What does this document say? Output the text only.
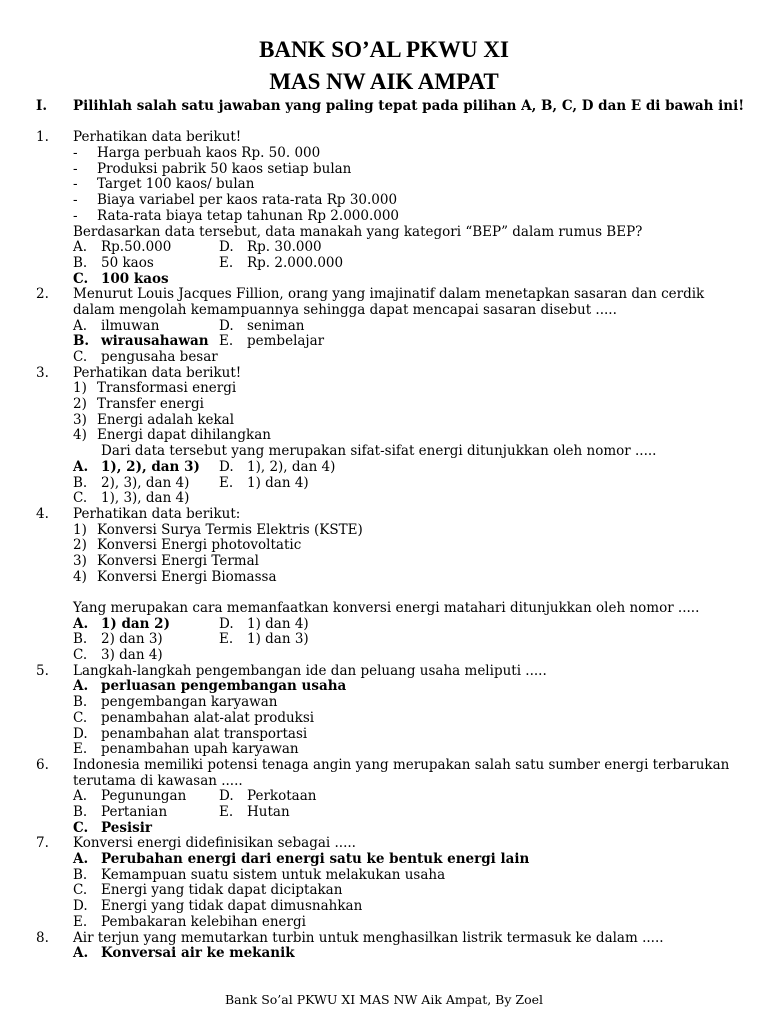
BANK SO’AL PKWU XI
MAS NW AIK AMPAT
I. Pilihlah salah satu jawaban yang paling tepat pada pilihan A, B, C, D dan E di bawah ini!
1. Perhatikan data berikut!
- Harga perbuah kaos Rp. 50. 000
- Produksi pabrik 50 kaos setiap bulan
- Target 100 kaos/ bulan
- Biaya variabel per kaos rata-rata Rp 30.000
- Rata-rata biaya tetap tahunan Rp 2.000.000
Berdasarkan data tersebut, data manakah yang kategori “BEP” dalam rumus BEP?
A. Rp.50.000	D. Rp. 30.000
B. 50 kaos	E. Rp. 2.000.000
C. 100 kaos
2.	Menurut Louis Jacques Fillion, orang yang imajinatif dalam menetapkan sasaran dan cerdik dalam mengolah kemampuannya sehingga dapat mencapai sasaran disebut .....
A. ilmuwan	D. seniman
B. wirausahawan E. pembelajar
C. pengusaha besar
3. Perhatikan data berikut!
1) Transformasi energi
2) Transfer energi
3) Energi adalah kekal
4) Energi dapat dihilangkan
Dari data tersebut yang merupakan sifat-sifat energi ditunjukkan oleh nomor .....
A. 1), 2), dan 3) D. 1), 2), dan 4)
B. 2), 3), dan 4) E. 1) dan 4)
C. 1), 3), dan 4)
4. Perhatikan data berikut:
1) Konversi Surya Termis Elektris (KSTE)
2) Konversi Energi photovoltatic
3) Konversi Energi Termal
4) Konversi Energi Biomassa
Yang merupakan cara memanfaatkan konversi energi matahari ditunjukkan oleh nomor .....
A. 1) dan 2)	D. 1) dan 4)
B. 2) dan 3)	E. 1) dan 3)
C. 3) dan 4)
5. Langkah-langkah pengembangan ide dan peluang usaha meliputi .....
A. perluasan pengembangan usaha
B. pengembangan karyawan
C. penambahan alat-alat produksi
D. penambahan alat transportasi
E. penambahan upah karyawan
6.	Indonesia memiliki potensi tenaga angin yang merupakan salah satu sumber energi terbarukan terutama di kawasan .....
A. Pegunungan D. Perkotaan
B. Pertanian	E. Hutan
C. Pesisir
7. Konversi energi didefinisikan sebagai .....
A. Perubahan energi dari energi satu ke bentuk energi lain
B. Kemampuan suatu sistem untuk melakukan usaha
C. Energi yang tidak dapat diciptakan
D. Energi yang tidak dapat dimusnahkan
E. Pembakaran kelebihan energi
8. Air terjun yang memutarkan turbin untuk menghasilkan listrik termasuk ke dalam .....
A. Konversai air ke mekanik
Bank So’al PKWU XI MAS NW Aik Ampat, By Zoel
